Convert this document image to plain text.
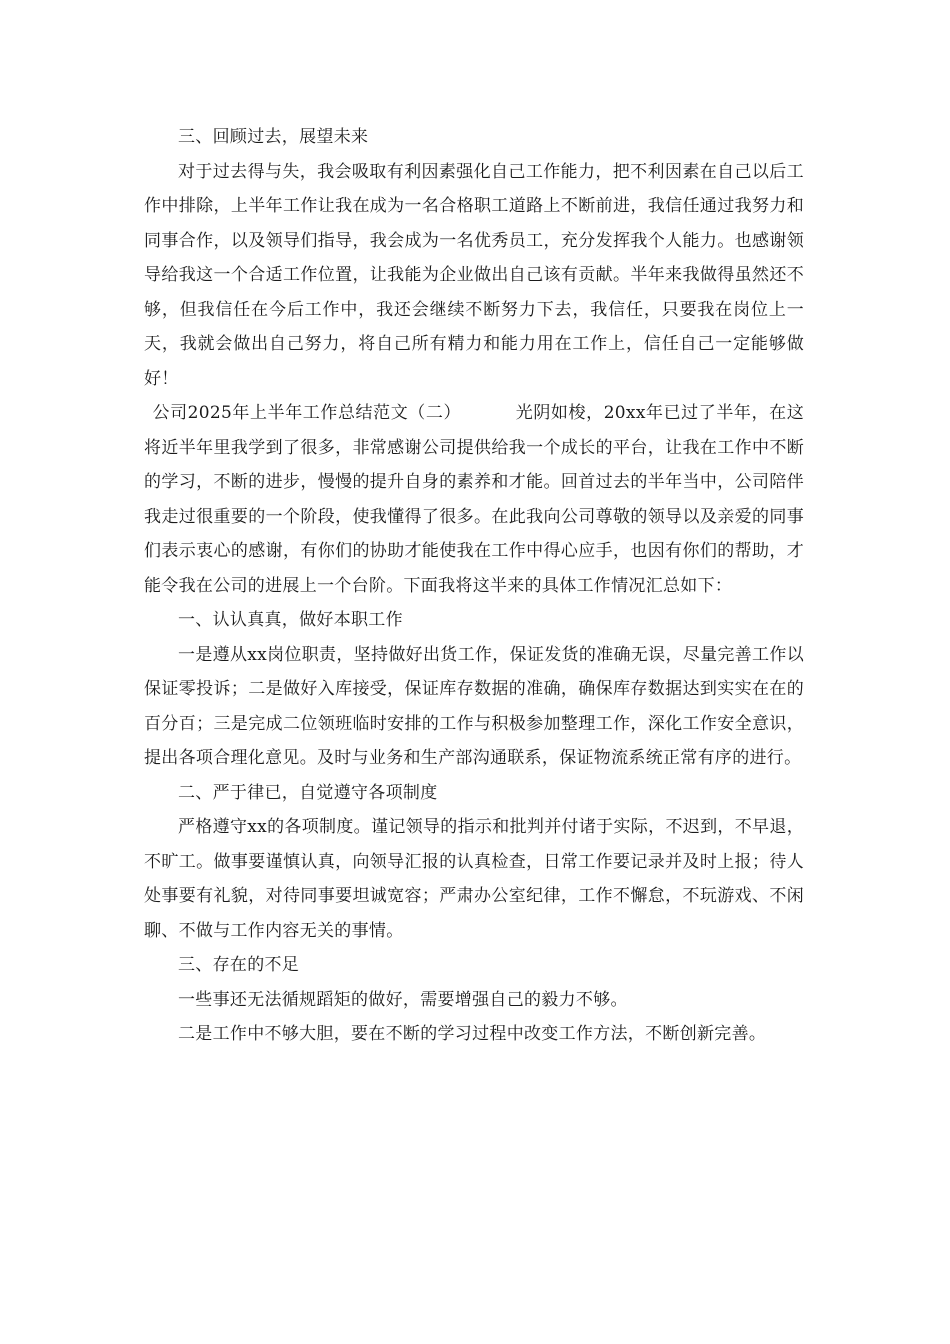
三、回顾过去，展望未来

对于过去得与失，我会吸取有利因素强化自己工作能力，把不利因素在自己以后工作中排除，上半年工作让我在成为一名合格职工道路上不断前进，我信任通过我努力和同事合作，以及领导们指导，我会成为一名优秀员工，充分发挥我个人能力。也感谢领导给我这一个合适工作位置，让我能为企业做出自己该有贡献。半年来我做得虽然还不够，但我信任在今后工作中，我还会继续不断努力下去，我信任，只要我在岗位上一天，我就会做出自己努力，将自己所有精力和能力用在工作上，信任自己一定能够做好！

公司2025年上半年工作总结范文（二）	光阴如梭，20xx年已过了半年，在这将近半年里我学到了很多，非常感谢公司提供给我一个成长的平台，让我在工作中不断的学习，不断的进步，慢慢的提升自身的素养和才能。回首过去的半年当中，公司陪伴我走过很重要的一个阶段，使我懂得了很多。在此我向公司尊敬的领导以及亲爱的同事们表示衷心的感谢，有你们的协助才能使我在工作中得心应手，也因有你们的帮助，才能令我在公司的进展上一个台阶。下面我将这半来的具体工作情况汇总如下：

一、认认真真，做好本职工作

一是遵从xx岗位职责，坚持做好出货工作，保证发货的准确无误，尽量完善工作以保证零投诉；二是做好入库接受，保证库存数据的准确，确保库存数据达到实实在在的百分百；三是完成二位领班临时安排的工作与积极参加整理工作，深化工作安全意识，提出各项合理化意见。及时与业务和生产部沟通联系，保证物流系统正常有序的进行。

二、严于律已，自觉遵守各项制度

严格遵守xx的各项制度。谨记领导的指示和批判并付诸于实际，不迟到，不早退，不旷工。做事要谨慎认真，向领导汇报的认真检查，日常工作要记录并及时上报；待人处事要有礼貌，对待同事要坦诚宽容；严肃办公室纪律，工作不懈怠，不玩游戏、不闲聊、不做与工作内容无关的事情。

三、存在的不足

一些事还无法循规蹈矩的做好，需要增强自己的毅力不够。

二是工作中不够大胆，要在不断的学习过程中改变工作方法，不断创新完善。
